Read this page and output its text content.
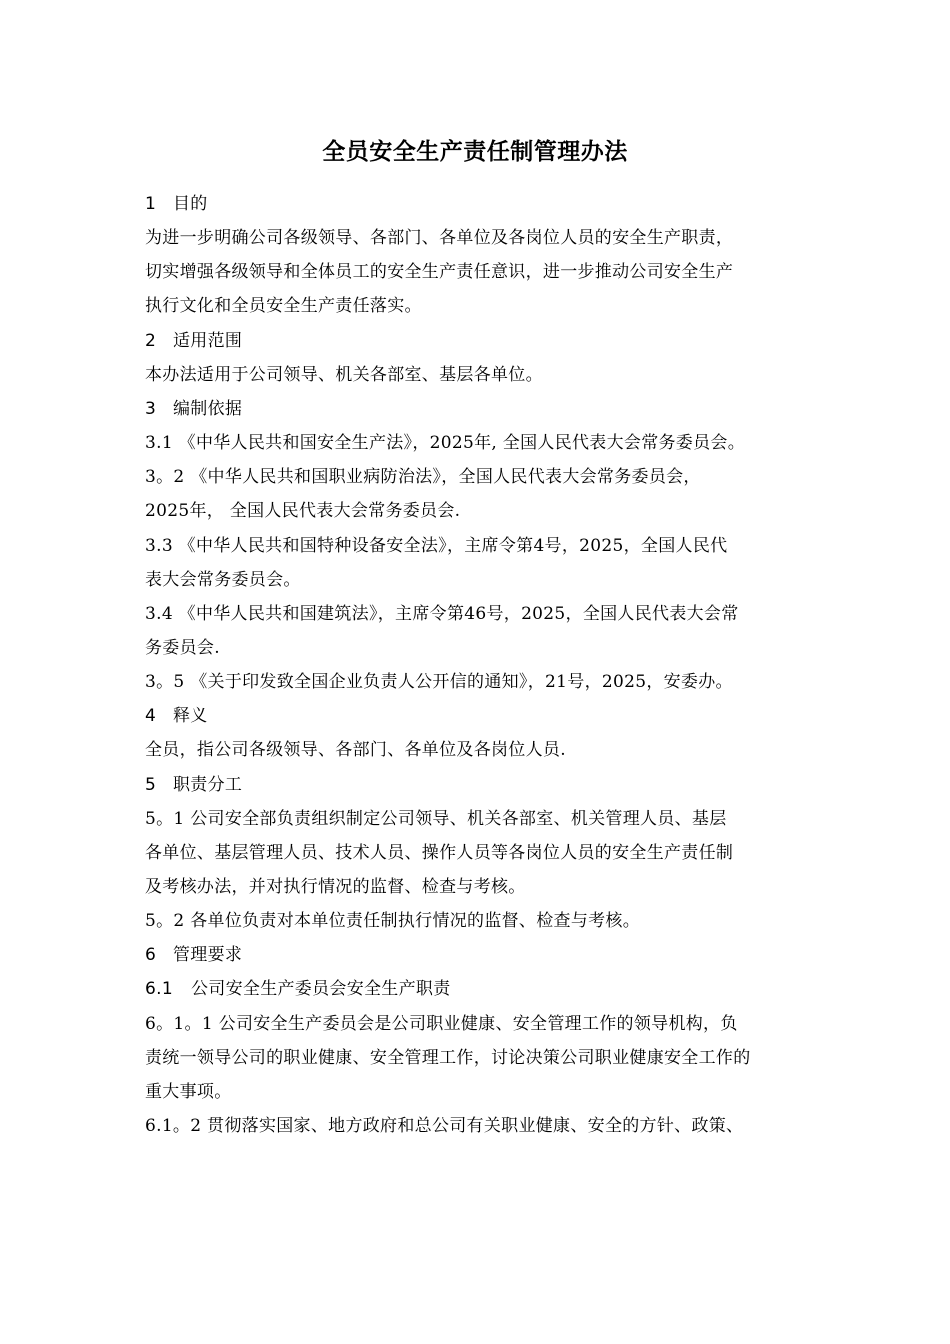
全员安全生产责任制管理办法
1 目的
为进一步明确公司各级领导、各部门、各单位及各岗位人员的安全生产职责，
切实增强各级领导和全体员工的安全生产责任意识，进一步推动公司安全生产
执行文化和全员安全生产责任落实。
2 适用范围
本办法适用于公司领导、机关各部室、基层各单位。
3 编制依据
3.1 《中华人民共和国安全生产法》，2025年, 全国人民代表大会常务委员会。
3。2 《中华人民共和国职业病防治法》，全国人民代表大会常务委员会，
2025年， 全国人民代表大会常务委员会.
3.3 《中华人民共和国特种设备安全法》，主席令第4号，2025，全国人民代
表大会常务委员会。
3.4 《中华人民共和国建筑法》，主席令第46号，2025，全国人民代表大会常
务委员会.
3。5 《关于印发致全国企业负责人公开信的通知》，21号，2025，安委办。
4 释义
全员，指公司各级领导、各部门、各单位及各岗位人员.
5 职责分工
5。1 公司安全部负责组织制定公司领导、机关各部室、机关管理人员、基层
各单位、基层管理人员、技术人员、操作人员等各岗位人员的安全生产责任制
及考核办法，并对执行情况的监督、检查与考核。
5。2 各单位负责对本单位责任制执行情况的监督、检查与考核。
6 管理要求
6.1 公司安全生产委员会安全生产职责
6。1。1 公司安全生产委员会是公司职业健康、安全管理工作的领导机构，负
责统一领导公司的职业健康、安全管理工作，讨论决策公司职业健康安全工作的
重大事项。
6.1。2 贯彻落实国家、地方政府和总公司有关职业健康、安全的方针、政策、
